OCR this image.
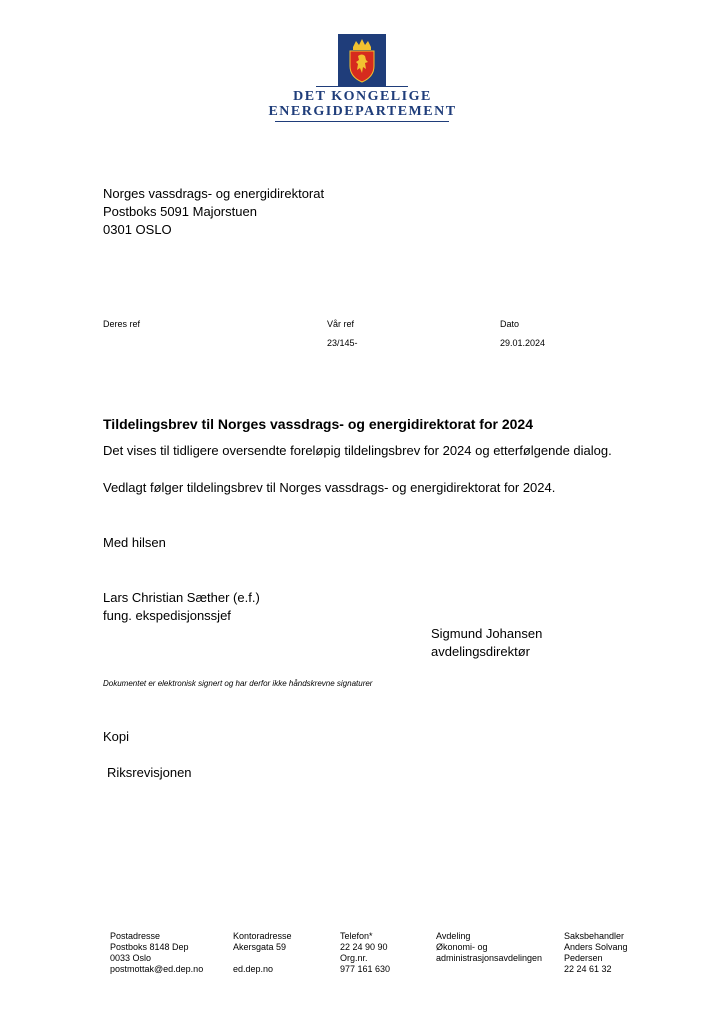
DET KONGELIGE
ENERGIDEPARTEMENT
Norges vassdrags- og energidirektorat
Postboks 5091 Majorstuen
0301 OSLO
Deres ref	Vår ref
23/145-
Dato
29.01.2024
Tildelingsbrev til Norges vassdrags- og energidirektorat for 2024
Det vises til tidligere oversendte foreløpig tildelingsbrev for 2024 og etterfølgende dialog.
Vedlagt følger tildelingsbrev til Norges vassdrags- og energidirektorat for 2024.
Med hilsen
Lars Christian Sæther (e.f.)
fung. ekspedisjonssjef
Sigmund Johansen
avdelingsdirektør
Dokumentet er elektronisk signert og har derfor ikke håndskrevne signaturer
Kopi
Riksrevisjonen
Postadresse
Postboks 8148 Dep
0033 Oslo
postmottak@ed.dep.no
Kontoradresse
Akersgata 59

ed.dep.no
Telefon*
22 24 90 90
Org.nr.
977 161 630
Avdeling
Økonomi- og
administrasjonsavdelingen
Saksbehandler
Anders Solvang
Pedersen
22 24 61 32
